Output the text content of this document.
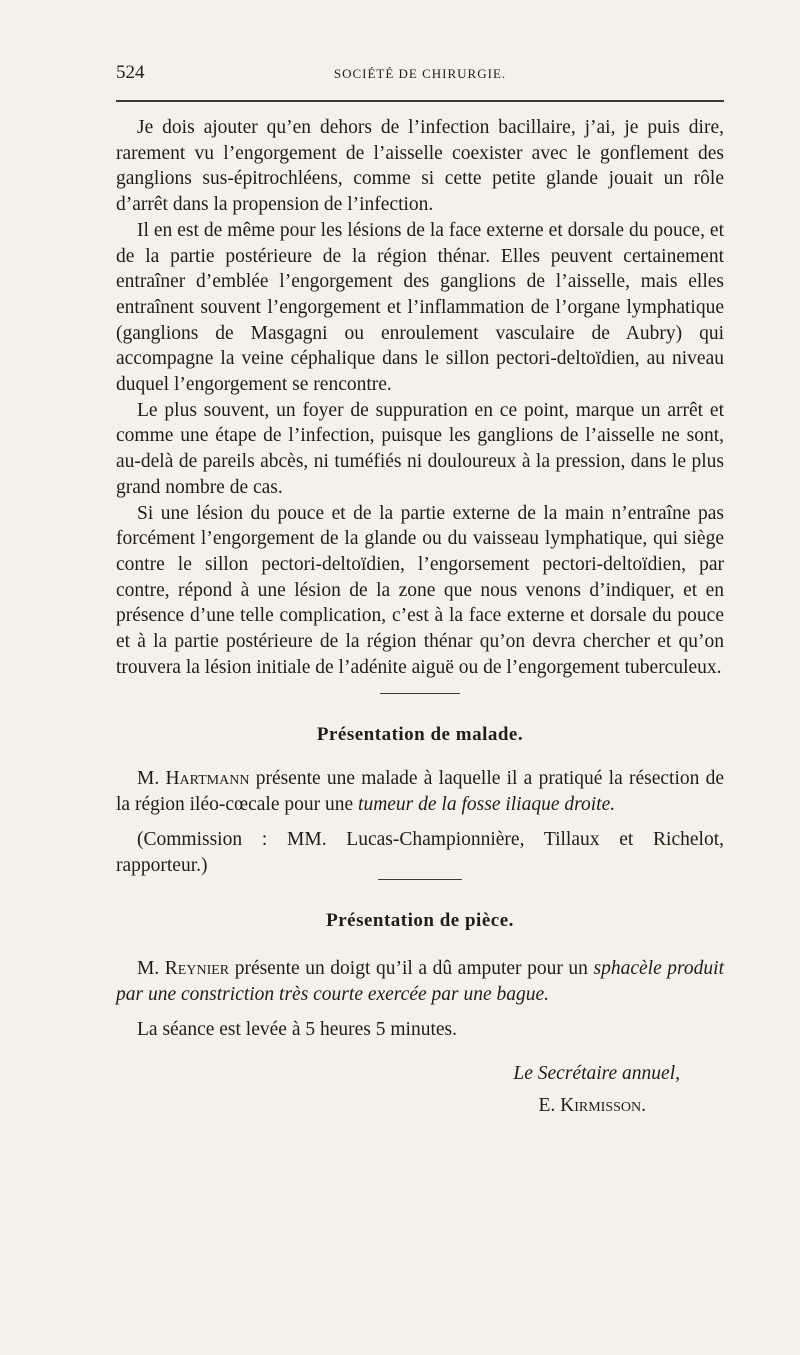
524	SOCIÉTÉ DE CHIRURGIE.

Je dois ajouter qu’en dehors de l’infection bacillaire, j’ai, je puis dire, rarement vu l’engorgement de l’aisselle coexister avec le gonflement des ganglions sus-épitrochléens, comme si cette petite glande jouait un rôle d’arrêt dans la propension de l’infection.

Il en est de même pour les lésions de la face externe et dorsale du pouce, et de la partie postérieure de la région thénar. Elles peuvent certainement entraîner d’emblée l’engorgement des ganglions de l’aisselle, mais elles entraînent souvent l’engorgement et l’inflammation de l’organe lymphatique (ganglions de Masgagni ou enroulement vasculaire de Aubry) qui accompagne la veine céphalique dans le sillon pectori-deltoïdien, au niveau duquel l’engorgement se rencontre.

Le plus souvent, un foyer de suppuration en ce point, marque un arrêt et comme une étape de l’infection, puisque les ganglions de l’aisselle ne sont, au-delà de pareils abcès, ni tuméfiés ni douloureux à la pression, dans le plus grand nombre de cas.

Si une lésion du pouce et de la partie externe de la main n’entraîne pas forcément l’engorgement de la glande ou du vaisseau lymphatique, qui siège contre le sillon pectori-deltoïdien, l’engorsement pectori-deltoïdien, par contre, répond à une lésion de la zone que nous venons d’indiquer, et en présence d’une telle complication, c’est à la face externe et dorsale du pouce et à la partie postérieure de la région thénar qu’on devra chercher et qu’on trouvera la lésion initiale de l’adénite aiguë ou de l’engorgement tuberculeux.

Présentation de malade.

M. Hartmann présente une malade à laquelle il a pratiqué la résection de la région iléo-cœcale pour une tumeur de la fosse iliaque droite.

(Commission : MM. Lucas-Championnière, Tillaux et Richelot, rapporteur.)

Présentation de pièce.

M. Reynier présente un doigt qu’il a dû amputer pour un sphacèle produit par une constriction très courte exercée par une bague.

La séance est levée à 5 heures 5 minutes.

Le Secrétaire annuel,

E. Kirmisson.
